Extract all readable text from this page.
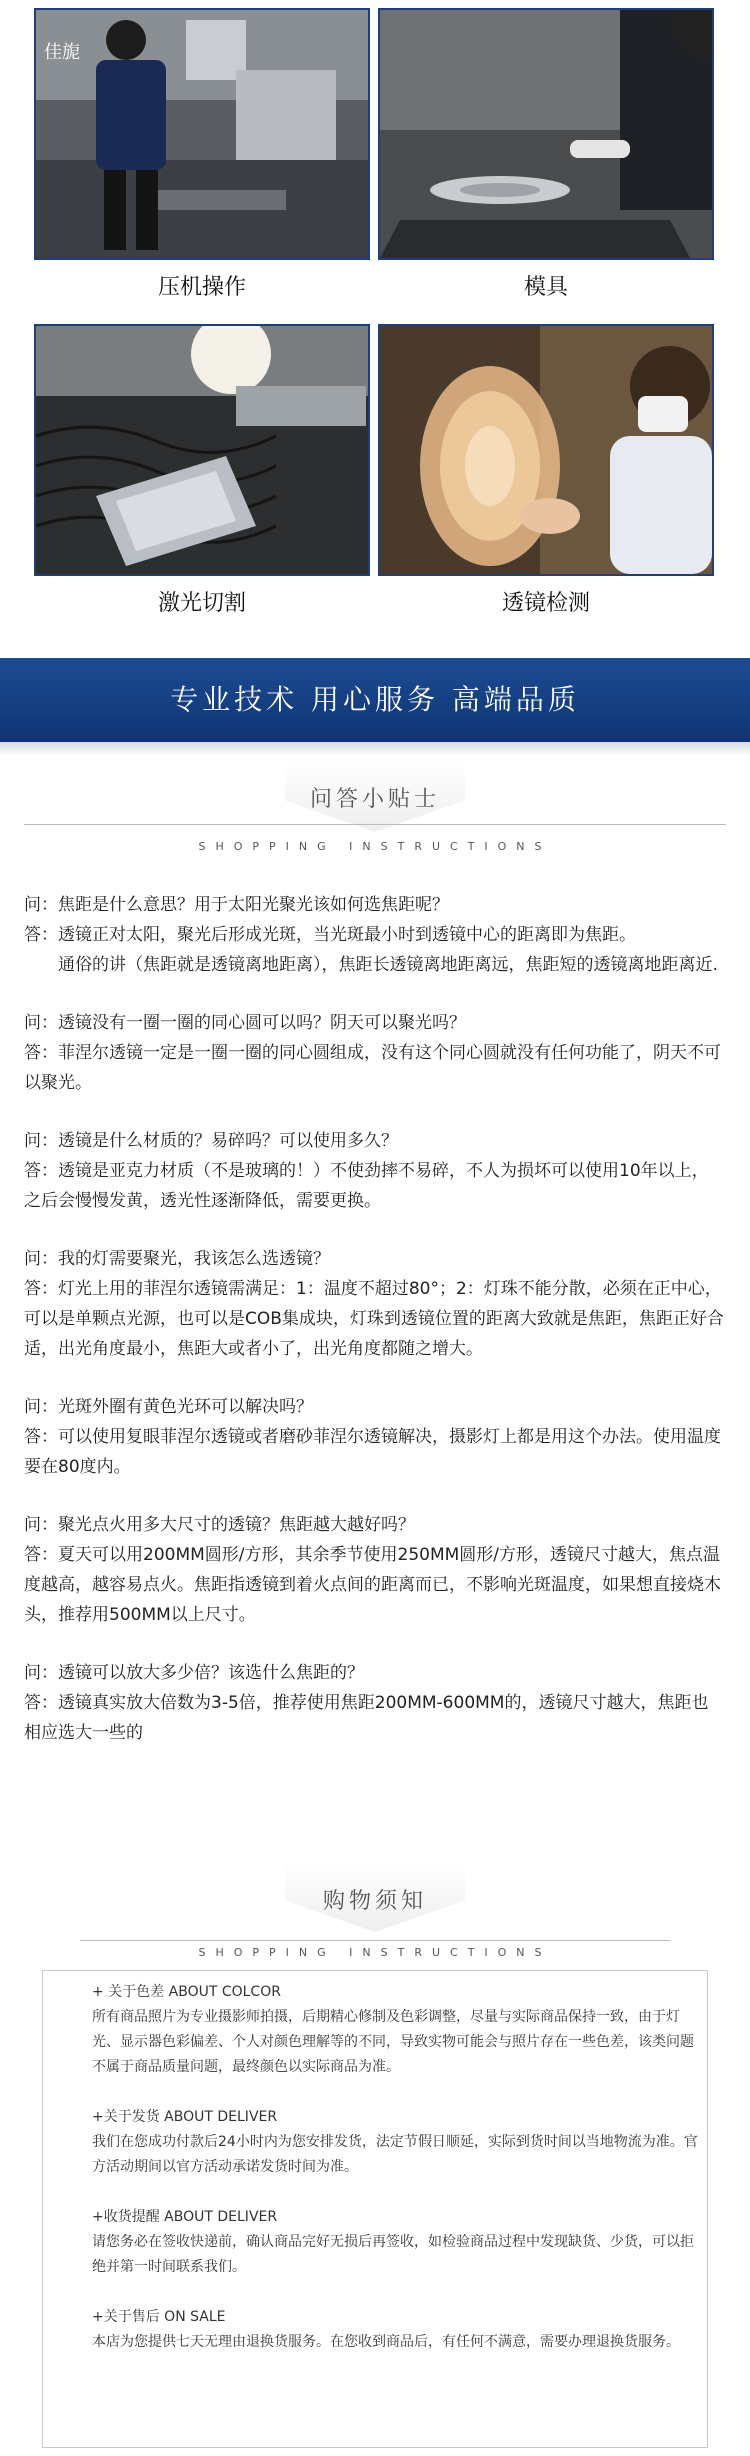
佳旎
压机操作	模具
激光切割	透镜检测
专业技术 用心服务 高端品质
问答小贴士
SHOPPING INSTRUCTIONS

问：焦距是什么意思？用于太阳光聚光该如何选焦距呢？

答：透镜正对太阳，聚光后形成光斑，当光斑最小时到透镜中心的距离即为焦距。

通俗的讲（焦距就是透镜离地距离），焦距长透镜离地距离远，焦距短的透镜离地距离近.

问：透镜没有一圈一圈的同心圆可以吗？阴天可以聚光吗？

答：菲涅尔透镜一定是一圈一圈的同心圆组成，没有这个同心圆就没有任何功能了，阴天不可以聚光。

问：透镜是什么材质的？易碎吗？可以使用多久？

答：透镜是亚克力材质（不是玻璃的！）不使劲摔不易碎，不人为损坏可以使用10年以上，之后会慢慢发黄，透光性逐渐降低，需要更换。

问：我的灯需要聚光，我该怎么选透镜？

答：灯光上用的菲涅尔透镜需满足：1：温度不超过80°；2：灯珠不能分散，必须在正中心，可以是单颗点光源，也可以是COB集成块，灯珠到透镜位置的距离大致就是焦距，焦距正好合适，出光角度最小，焦距大或者小了，出光角度都随之增大。

问：光斑外圈有黄色光环可以解决吗？

答：可以使用复眼菲涅尔透镜或者磨砂菲涅尔透镜解决，摄影灯上都是用这个办法。使用温度要在80度内。

问：聚光点火用多大尺寸的透镜？焦距越大越好吗？

答：夏天可以用200MM圆形/方形，其余季节使用250MM圆形/方形，透镜尺寸越大，焦点温度越高，越容易点火。焦距指透镜到着火点间的距离而已，不影响光斑温度，如果想直接烧木头，推荐用500MM以上尺寸。

问：透镜可以放大多少倍？该选什么焦距的？

答：透镜真实放大倍数为3-5倍，推荐使用焦距200MM-600MM的，透镜尺寸越大，焦距也相应选大一些的

购物须知
SHOPPING INSTRUCTIONS

+ 关于色差 ABOUT COLCOR

所有商品照片为专业摄影师拍摄，后期精心修制及色彩调整，尽量与实际商品保持一致，由于灯光、显示器色彩偏差、个人对颜色理解等的不同，导致实物可能会与照片存在一些色差，该类问题不属于商品质量问题，最终颜色以实际商品为准。

+关于发货 ABOUT DELIVER

我们在您成功付款后24小时内为您安排发货，法定节假日顺延，实际到货时间以当地物流为准。官方活动期间以官方活动承诺发货时间为准。

+收货提醒 ABOUT DELIVER

请您务必在签收快递前，确认商品完好无损后再签收，如检验商品过程中发现缺货、少货，可以拒绝并第一时间联系我们。

+关于售后 ON SALE

本店为您提供七天无理由退换货服务。在您收到商品后，有任何不满意，需要办理退换货服务。
